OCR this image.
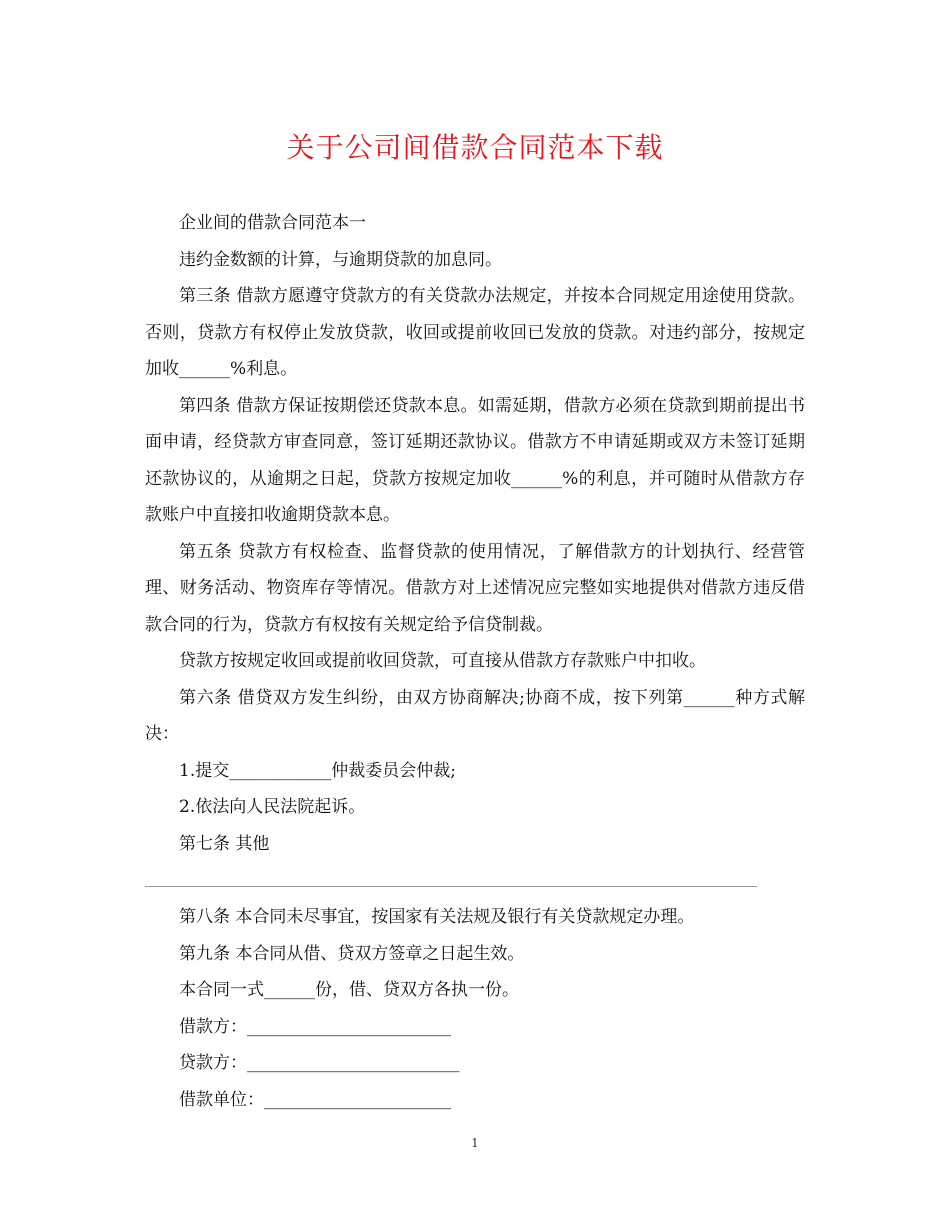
关于公司间借款合同范本下载

企业间的借款合同范本一

违约金数额的计算，与逾期贷款的加息同。

第三条 借款方愿遵守贷款方的有关贷款办法规定，并按本合同规定用途使用贷款。否则，贷款方有权停止发放贷款，收回或提前收回已发放的贷款。对违约部分，按规定加收______%利息。

第四条 借款方保证按期偿还贷款本息。如需延期，借款方必须在贷款到期前提出书面申请，经贷款方审查同意，签订延期还款协议。借款方不申请延期或双方未签订延期还款协议的，从逾期之日起，贷款方按规定加收______%的利息，并可随时从借款方存款账户中直接扣收逾期贷款本息。

第五条 贷款方有权检查、监督贷款的使用情况，了解借款方的计划执行、经营管理、财务活动、物资库存等情况。借款方对上述情况应完整如实地提供对借款方违反借款合同的行为，贷款方有权按有关规定给予信贷制裁。

贷款方按规定收回或提前收回贷款，可直接从借款方存款账户中扣收。

第六条 借贷双方发生纠纷，由双方协商解决;协商不成，按下列第______种方式解决：

1.提交____________仲裁委员会仲裁;

2.依法向人民法院起诉。

第七条 其他

第八条 本合同未尽事宜，按国家有关法规及银行有关贷款规定办理。

第九条 本合同从借、贷双方签章之日起生效。

本合同一式______份，借、贷双方各执一份。

借款方：________________________

贷款方：_________________________

借款单位：______________________

1
